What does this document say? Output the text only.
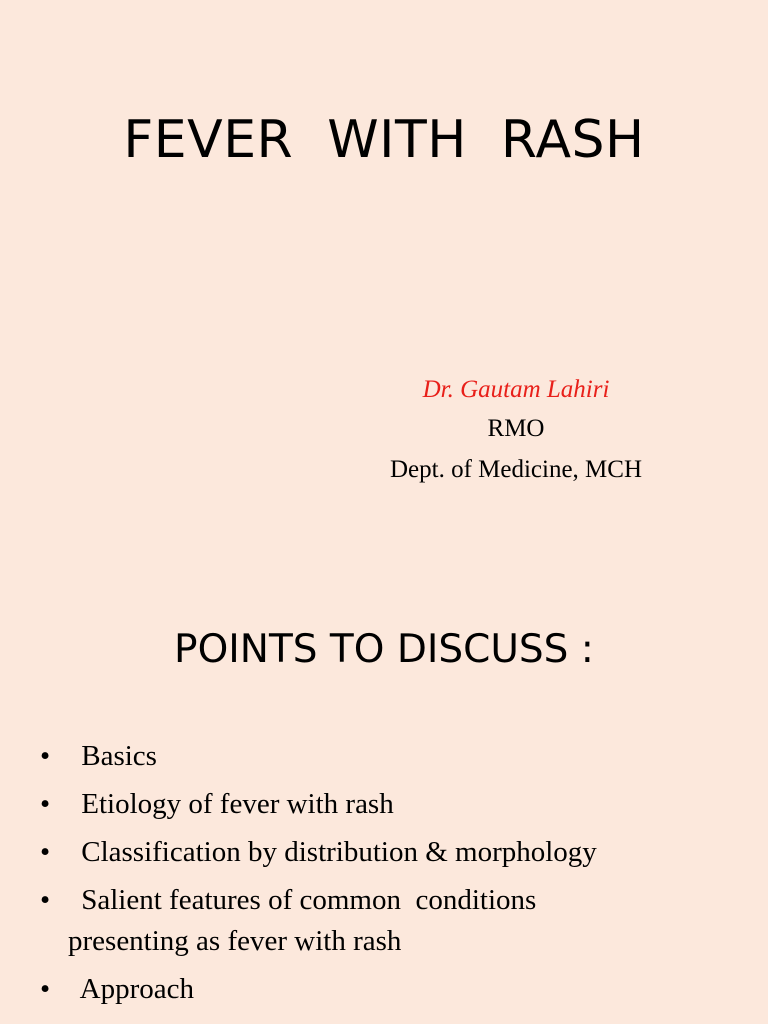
FEVER  WITH  RASH
Dr. Gautam Lahiri
RMO
Dept. of Medicine, MCH
POINTS TO DISCUSS :
• Basics
• Etiology of fever with rash
• Classification by distribution & morphology
• Salient features of common  conditions
presenting as fever with rash
• Approach
